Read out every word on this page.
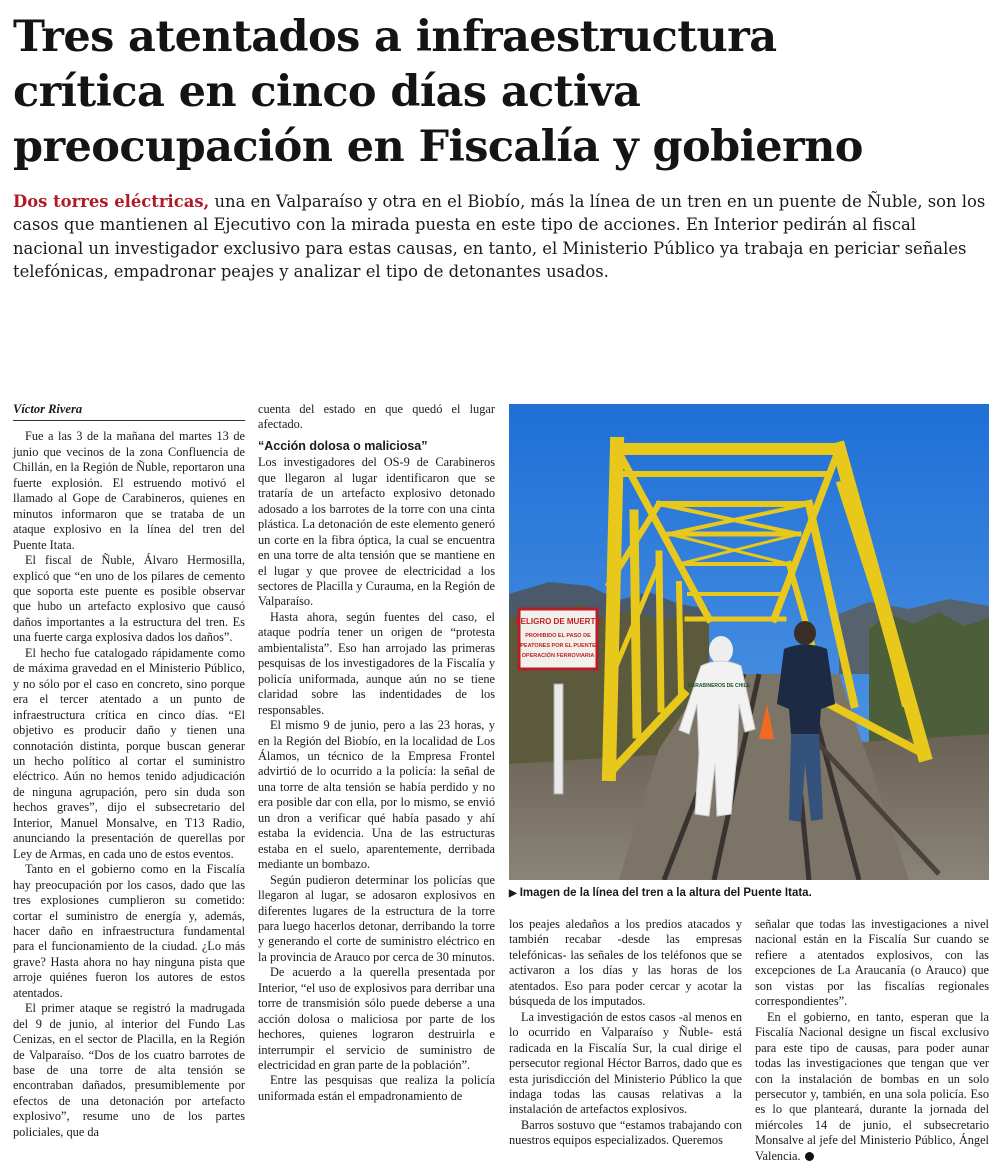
Tres atentados a infraestructura
crítica en cinco días activa
preocupación en Fiscalía y gobierno

Dos torres eléctricas, una en Valparaíso y otra en el Biobío, más la línea de un tren en un puente de Ñuble, son los casos que mantienen al Ejecutivo con la mirada puesta en este tipo de acciones. En Interior pedirán al fiscal nacional un investigador exclusivo para estas causas, en tanto, el Ministerio Público ya trabaja en periciar señales telefónicas, empadronar peajes y analizar el tipo de detonantes usados.

Víctor Rivera

Fue a las 3 de la mañana del martes 13 de junio que vecinos de la zona Confluencia de Chillán, en la Región de Ñuble, reportaron una fuerte explosión. El estruendo motivó el llamado al Gope de Carabineros, quienes en minutos informaron que se trataba de un ataque explosivo en la línea del tren del Puente Itata.

El fiscal de Ñuble, Álvaro Hermosilla, explicó que “en uno de los pilares de cemento que soporta este puente es posible observar que hubo un artefacto explosivo que causó daños importantes a la estructura del tren. Es una fuerte carga explosiva dados los daños”.

El hecho fue catalogado rápidamente como de máxima gravedad en el Ministerio Público, y no sólo por el caso en concreto, sino porque era el tercer atentado a un punto de infraestructura crítica en cinco días. “El objetivo es producir daño y tienen una connotación distinta, porque buscan generar un hecho político al cortar el suministro eléctrico. Aún no hemos tenido adjudicación de ninguna agrupación, pero sin duda son hechos graves”, dijo el subsecretario del Interior, Manuel Monsalve, en T13 Radio, anunciando la presentación de querellas por Ley de Armas, en cada uno de estos eventos.

Tanto en el gobierno como en la Fiscalía hay preocupación por los casos, dado que las tres explosiones cumplieron su cometido: cortar el suministro de energía y, además, hacer daño en infraestructura fundamental para el funcionamiento de la ciudad. ¿Lo más grave? Hasta ahora no hay ninguna pista que arroje quiénes fueron los autores de estos atentados.

El primer ataque se registró la madrugada del 9 de junio, al interior del Fundo Las Cenizas, en el sector de Placilla, en la Región de Valparaíso. “Dos de los cuatro barrotes de base de una torre de alta tensión se encontraban dañados, presumiblemente por efectos de una detonación por artefacto explosivo”, resume uno de los partes policiales, que da

cuenta del estado en que quedó el lugar afectado.

“Acción dolosa o maliciosa”

Los investigadores del OS-9 de Carabineros que llegaron al lugar identificaron que se trataría de un artefacto explosivo detonado adosado a los barrotes de la torre con una cinta plástica. La detonación de este elemento generó un corte en la fibra óptica, la cual se encuentra en una torre de alta tensión que se mantiene en el lugar y que provee de electricidad a los sectores de Placilla y Curauma, en la Región de Valparaíso.

Hasta ahora, según fuentes del caso, el ataque podría tener un origen de “protesta ambientalista”. Eso han arrojado las primeras pesquisas de los investigadores de la Fiscalía y policía uniformada, aunque aún no se tiene claridad sobre las indentidades de los responsables.

El mismo 9 de junio, pero a las 23 horas, y en la Región del Biobío, en la localidad de Los Álamos, un técnico de la Empresa Frontel advirtió de lo ocurrido a la policía: la señal de una torre de alta tensión se había perdido y no era posible dar con ella, por lo mismo, se envió un dron a verificar qué había pasado y ahí estaba la evidencia. Una de las estructuras estaba en el suelo, aparentemente, derribada mediante un bombazo.

Según pudieron determinar los policías que llegaron al lugar, se adosaron explosivos en diferentes lugares de la estructura de la torre para luego hacerlos detonar, derribando la torre y generando el corte de suministro eléctrico en la provincia de Arauco por cerca de 30 minutos.

De acuerdo a la querella presentada por Interior, “el uso de explosivos para derribar una torre de transmisión sólo puede deberse a una acción dolosa o maliciosa por parte de los hechores, quienes lograron destruirla e interrumpir el servicio de suministro de electricidad en gran parte de la población”.

Entre las pesquisas que realiza la policía uniformada están el empadronamiento de

PELIGRO DE MUERTE
PROHIBIDO EL PASO DE
PEATONES POR EL PUENTE
OPERACIÓN FERROVIARIA
CARABINEROS DE CHILE
▶ Imagen de la línea del tren a la altura del Puente Itata.

los peajes aledaños a los predios atacados y también recabar -desde las empresas telefónicas- las señales de los teléfonos que se activaron a los días y las horas de los atentados. Eso para poder cercar y acotar la búsqueda de los imputados.

La investigación de estos casos -al menos en lo ocurrido en Valparaíso y Ñuble- está radicada en la Fiscalía Sur, la cual dirige el persecutor regional Héctor Barros, dado que es esta jurisdicción del Ministerio Público la que indaga todas las causas relativas a la instalación de artefactos explosivos.

Barros sostuvo que “estamos trabajando con nuestros equipos especializados. Queremos

señalar que todas las investigaciones a nivel nacional están en la Fiscalía Sur cuando se refiere a atentados explosivos, con las excepciones de La Araucanía (o Arauco) que son vistas por las fiscalías regionales correspondientes”.

En el gobierno, en tanto, esperan que la Fiscalía Nacional designe un fiscal exclusivo para este tipo de causas, para poder aunar todas las investigaciones que tengan que ver con la instalación de bombas en un solo persecutor y, también, en una sola policía. Eso es lo que planteará, durante la jornada del miércoles 14 de junio, el subsecretario Monsalve al jefe del Ministerio Público, Ángel Valencia.
